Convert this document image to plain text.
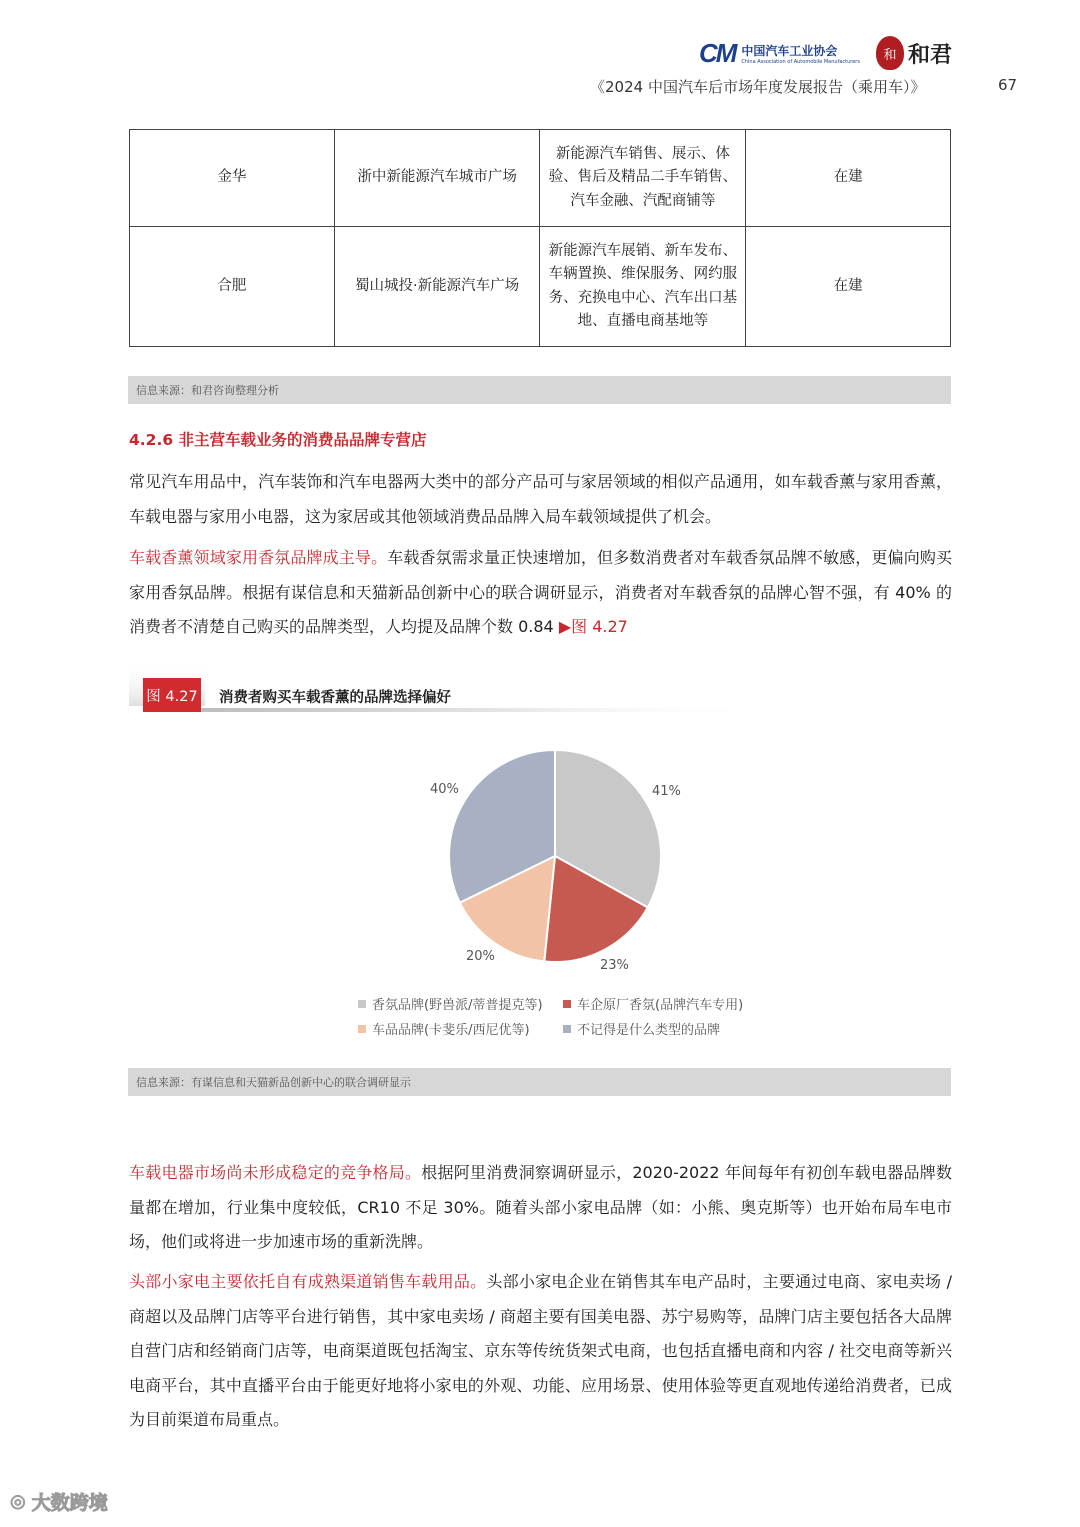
CM 中国汽车工业协会
China Association of Automobile Manufacturers	和 和君
《2024 中国汽车后市场年度发展报告（乘用车）》	67
金华	浙中新能源汽车城市广场	新能源汽车销售、展示、体验、售后及精品二手车销售、汽车金融、汽配商铺等	在建
合肥	蜀山城投·新能源汽车广场	新能源汽车展销、新车发布、车辆置换、维保服务、网约服务、充换电中心、汽车出口基地、直播电商基地等	在建
信息来源：和君咨询整理分析
4.2.6 非主营车载业务的消费品品牌专营店

常见汽车用品中，汽车装饰和汽车电器两大类中的部分产品可与家居领域的相似产品通用，如车载香薰与家用香薰，车载电器与家用小电器，这为家居或其他领域消费品品牌入局车载领域提供了机会。

车载香薰领域家用香氛品牌成主导。车载香氛需求量正快速增加，但多数消费者对车载香氛品牌不敏感，更偏向购买家用香氛品牌。根据有谋信息和天猫新品创新中心的联合调研显示，消费者对车载香氛的品牌心智不强，有 40% 的消费者不清楚自己购买的品牌类型，人均提及品牌个数 0.84 ▶图 4.27

图 4.27 消费者购买车载香薰的品牌选择偏好
41%
23%
20%
40%
香氛品牌(野兽派/蒂普提克等)	车企原厂香氛(品牌汽车专用)
车品品牌(卡斐乐/西尼优等)	不记得是什么类型的品牌
信息来源：有谋信息和天猫新品创新中心的联合调研显示

车载电器市场尚未形成稳定的竞争格局。根据阿里消费洞察调研显示，2020-2022 年间每年有初创车载电器品牌数量都在增加，行业集中度较低，CR10 不足 30%。随着头部小家电品牌（如：小熊、奥克斯等）也开始布局车电市场，他们或将进一步加速市场的重新洗牌。

头部小家电主要依托自有成熟渠道销售车载用品。头部小家电企业在销售其车电产品时，主要通过电商、家电卖场 / 商超以及品牌门店等平台进行销售，其中家电卖场 / 商超主要有国美电器、苏宁易购等，品牌门店主要包括各大品牌自营门店和经销商门店等，电商渠道既包括淘宝、京东等传统货架式电商，也包括直播电商和内容 / 社交电商等新兴电商平台，其中直播平台由于能更好地将小家电的外观、功能、应用场景、使用体验等更直观地传递给消费者，已成为目前渠道布局重点。

◎ 大数跨境
